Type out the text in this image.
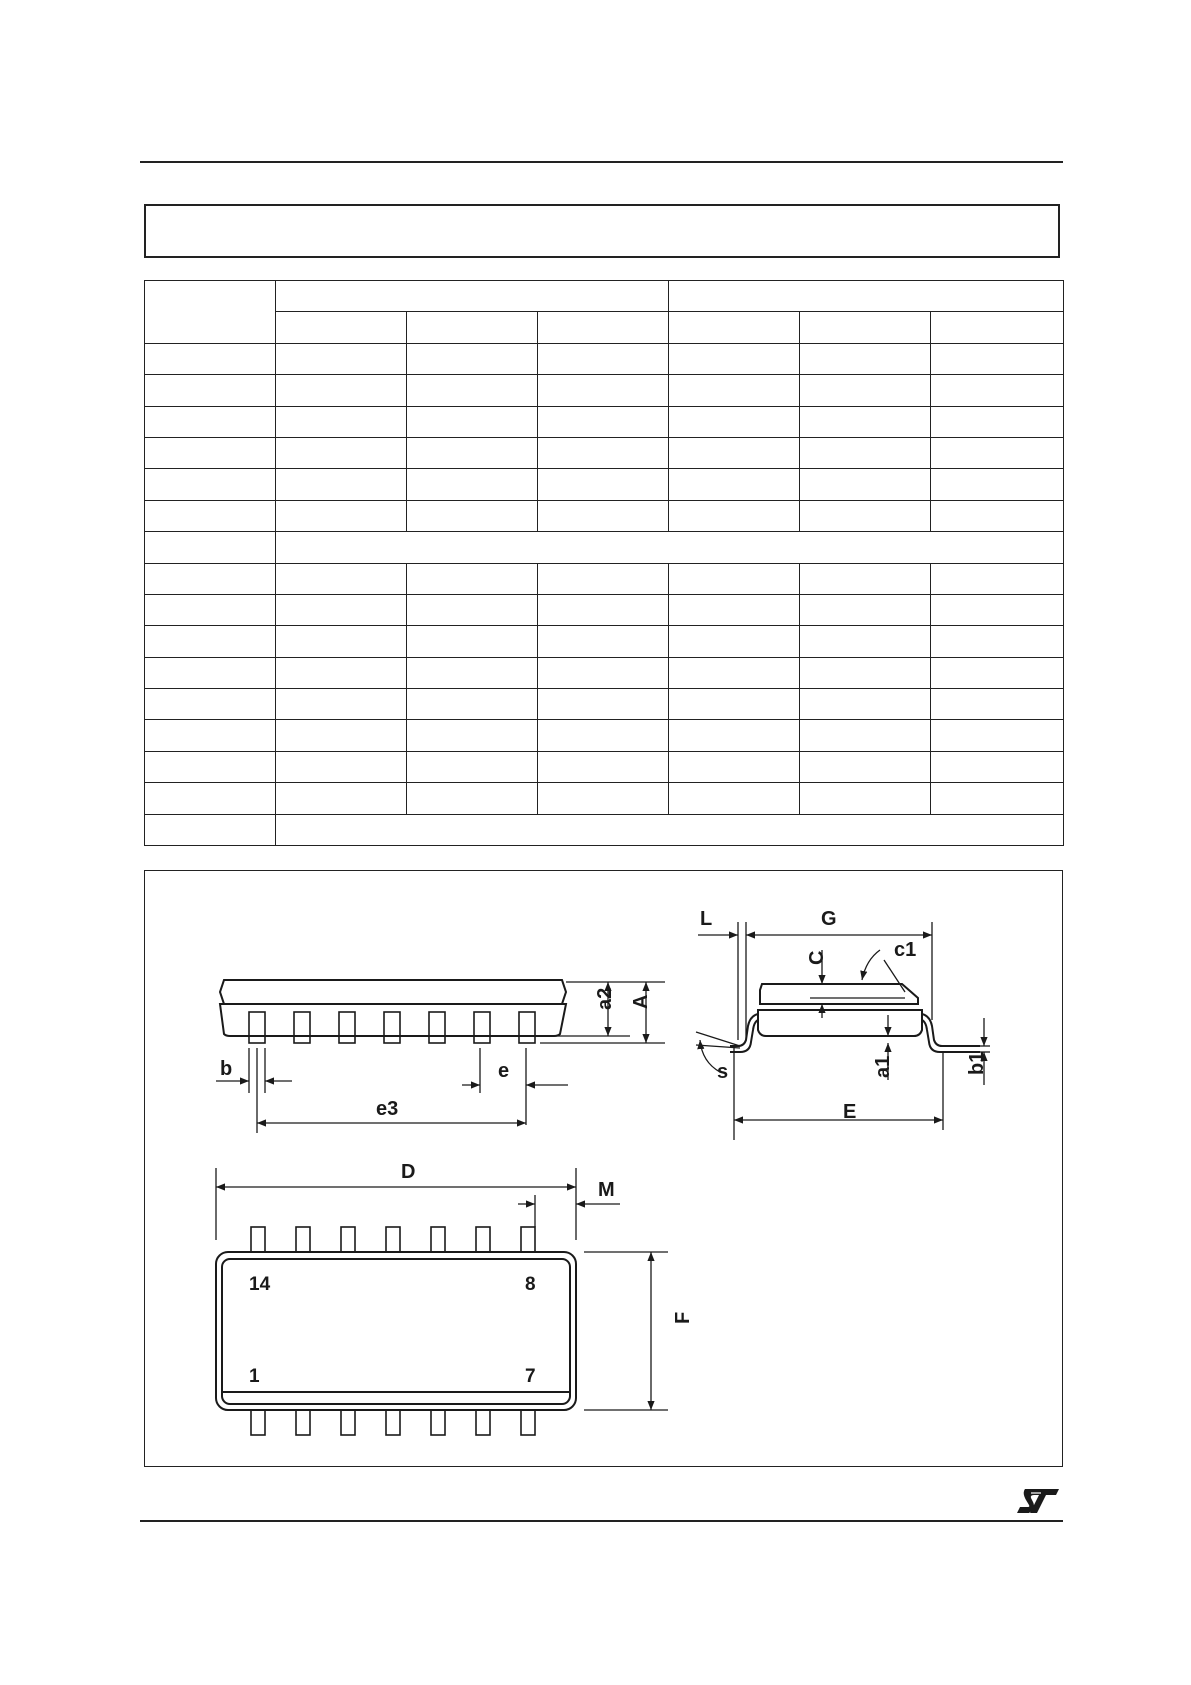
L	G
C	c1
s	a1	b1
E
a2 A
b	e
e3
D
M
F
14	8
1	7
